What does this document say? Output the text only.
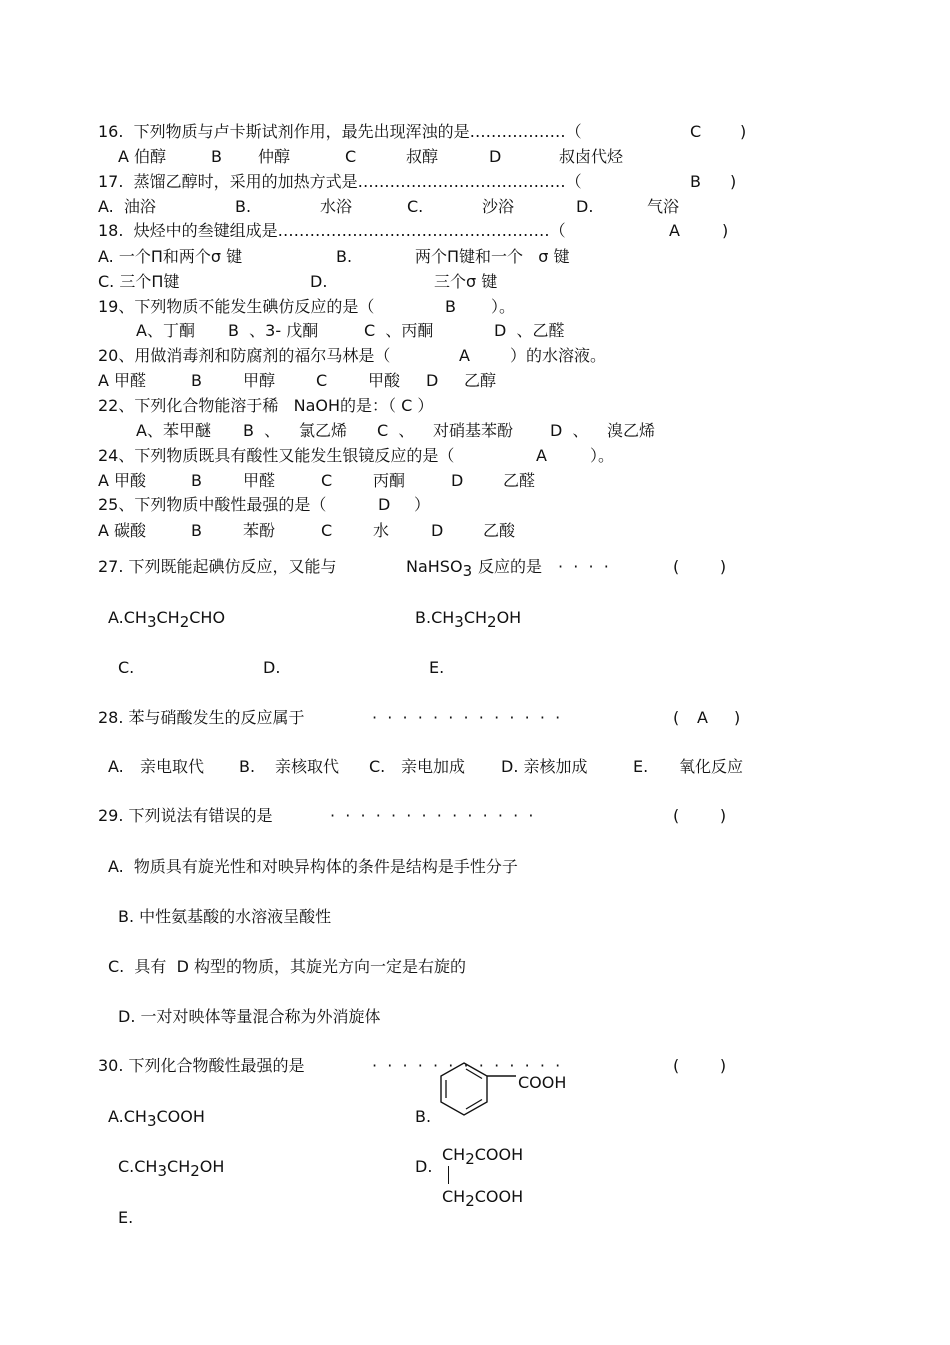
16.  下列物质与卢卡斯试剂作用，最先出现浑浊的是………………（	C )
A 伯醇	B 仲醇	C	叔醇	D	叔卤代烃
17.  蒸馏乙醇时，采用的加热方式是…………………………………（	B )
A.  油浴	B.	水浴	C.	沙浴	D.	气浴
18.  炔烃中的叁键组成是……………………………………………（	A	)
A. 一个Π和两个σ 键	B.	两个Π键和一个   σ 键
C. 三个Π键	D.	三个σ 键
19、下列物质不能发生碘仿反应的是（	B ）。
A、丁酮 B  、3- 戊酮	C  、丙酮	D  、乙醛
20、用做消毒剂和防腐剂的福尔马林是（	A	）的水溶液。
A 甲醛	B	甲醇	C	甲酸 D 乙醇
22、下列化合物能溶于稀   NaOH的是：（ C ）
A、苯甲醚 B  、 氯乙烯 C  、 对硝基苯酚 D  、 溴乙烯
24、下列物质既具有酸性又能发生银镜反应的是（	A	）。
A 甲酸	B	甲醛	C	丙酮	D 乙醛
25、下列物质中酸性最强的是（	D ）
A 碳酸	B	苯酚	C	水	D 乙酸
27. 下列既能起碘仿反应，又能与	NaHSO$_3$ 反应的是 ·  ·  ·  ·	(        )
$A.CH_3CH_2CHO$	$B.CH_3CH_2OH$
C.	D.	E.
28. 苯与硝酸发生的反应属于	·  ·  ·  ·  ·  ·  ·  ·  ·  ·  ·  ·  ·	( A )
A. 亲电取代 B. 亲核取代 C. 亲电加成 D. 亲核加成	E. 氧化反应
29. 下列说法有错误的是	·  ·  ·  ·  ·  ·  ·  ·  ·  ·  ·  ·  ·  ·	(        )
A.  物质具有旋光性和对映异构体的条件是结构是手性分子
B. 中性氨基酸的水溶液呈酸性
C.  具有  D 构型的物质，其旋光方向一定是右旋的
D. 一对对映体等量混合称为外消旋体
30. 下列化合物酸性最强的是	·  ·  ·  ·  ·  ·  ·  ·  ·  ·  ·  ·  ·	(        )
$A.CH_3COOH$	B.
COOH
$C.CH_3CH_2OH$	D.
$CH_2COOH$
$CH_2COOH$
E.
